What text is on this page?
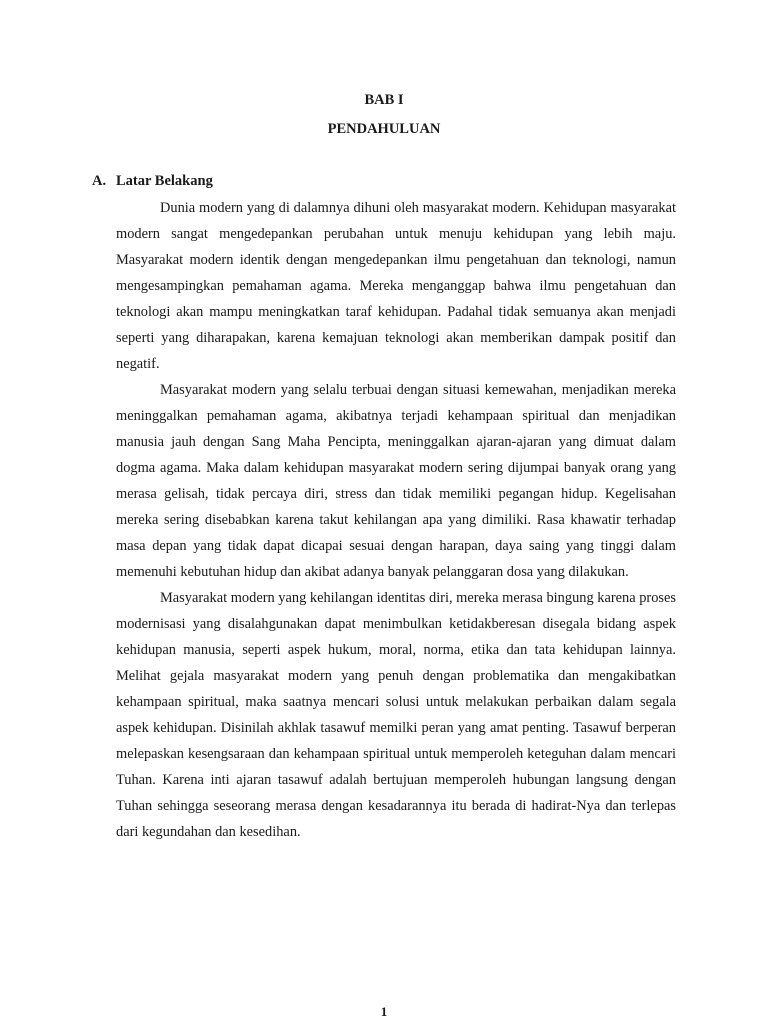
BAB I
PENDAHULUAN
A. Latar Belakang

Dunia modern yang di dalamnya dihuni oleh masyarakat modern. Kehidupan masyarakat modern sangat mengedepankan perubahan untuk menuju kehidupan yang lebih maju. Masyarakat modern identik dengan mengedepankan ilmu pengetahuan dan teknologi, namun mengesampingkan pemahaman agama. Mereka menganggap bahwa ilmu pengetahuan dan teknologi akan mampu meningkatkan taraf kehidupan. Padahal tidak semuanya akan menjadi seperti yang diharapakan, karena kemajuan teknologi akan memberikan dampak positif dan negatif.

Masyarakat modern yang selalu terbuai dengan situasi kemewahan, menjadikan mereka meninggalkan pemahaman agama, akibatnya terjadi kehampaan spiritual dan menjadikan manusia jauh dengan Sang Maha Pencipta, meninggalkan ajaran-ajaran yang dimuat dalam dogma agama. Maka dalam kehidupan masyarakat modern sering dijumpai banyak orang yang merasa gelisah, tidak percaya diri, stress dan tidak memiliki pegangan hidup. Kegelisahan mereka sering disebabkan karena takut kehilangan apa yang dimiliki. Rasa khawatir terhadap masa depan yang tidak dapat dicapai sesuai dengan harapan, daya saing yang tinggi dalam memenuhi kebutuhan hidup dan akibat adanya banyak pelanggaran dosa yang dilakukan.

Masyarakat modern yang kehilangan identitas diri, mereka merasa bingung karena proses modernisasi yang disalahgunakan dapat menimbulkan ketidakberesan disegala bidang aspek kehidupan manusia, seperti aspek hukum, moral, norma, etika dan tata kehidupan lainnya. Melihat gejala masyarakat modern yang penuh dengan problematika dan mengakibatkan kehampaan spiritual, maka saatnya mencari solusi untuk melakukan perbaikan dalam segala aspek kehidupan. Disinilah akhlak tasawuf memilki peran yang amat penting. Tasawuf berperan melepaskan kesengsaraan dan kehampaan spiritual untuk memperoleh keteguhan dalam mencari Tuhan. Karena inti ajaran tasawuf adalah bertujuan memperoleh hubungan langsung dengan Tuhan sehingga seseorang merasa dengan kesadarannya itu berada di hadirat-Nya dan terlepas dari kegundahan dan kesedihan.

1
